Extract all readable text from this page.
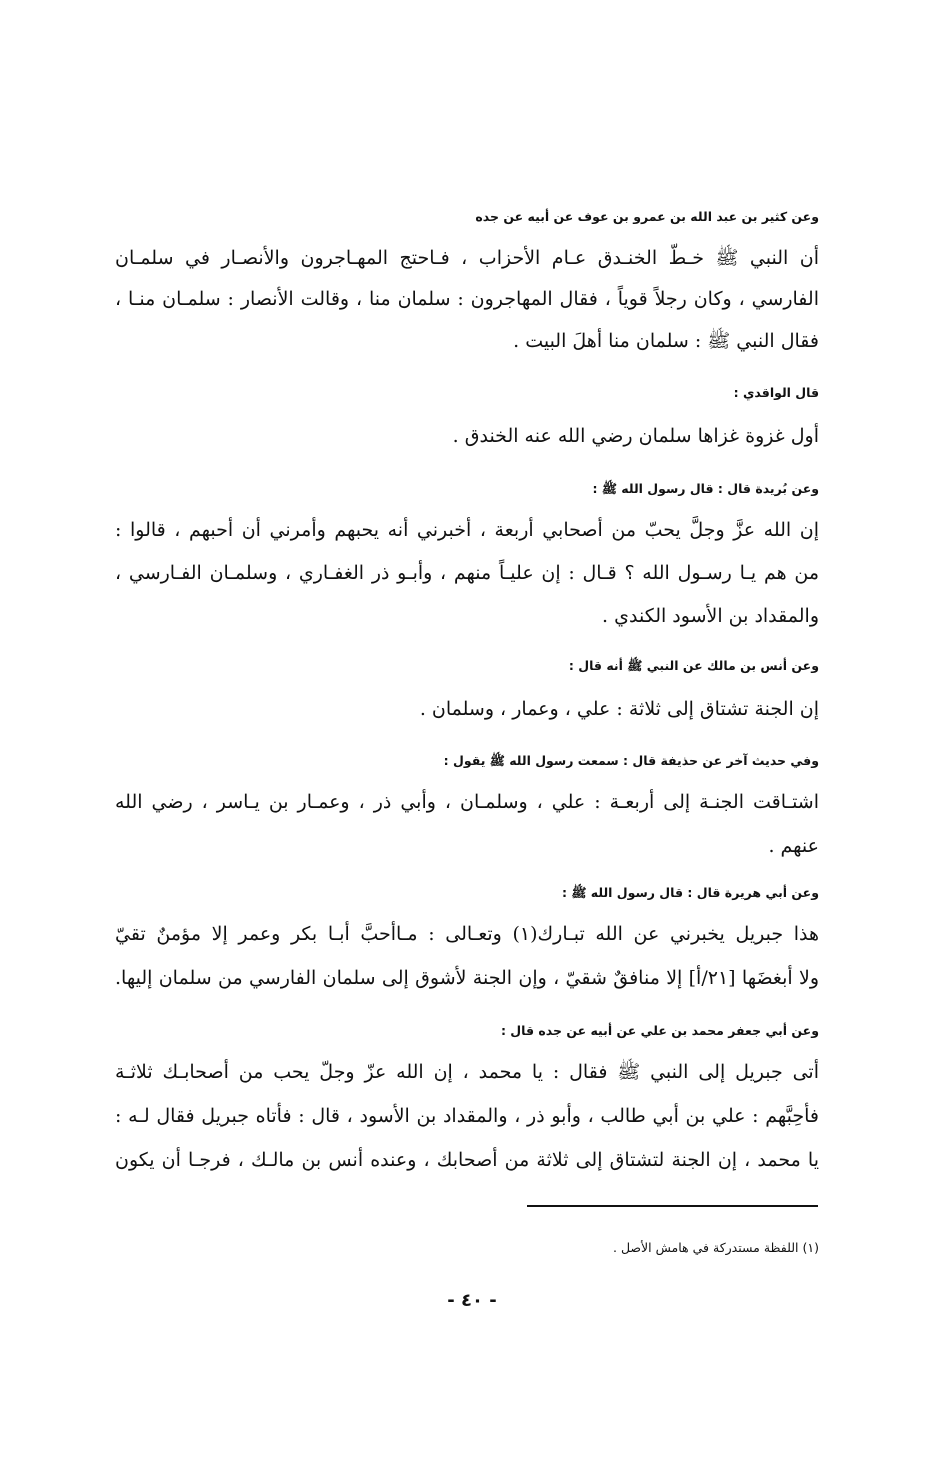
وعن كثير بن عبد الله بن عمرو بن عوف عن أبيه عن جده
أن النبي ﷺ خـطّ الخنـدق عـام الأحزاب ، فـاحتج المهـاجرون والأنصـار في سلمـان
الفارسي ، وكان رجلاً قوياً ، فقال المهاجرون : سلمان منا ، وقالت الأنصار : سلمـان منـا ،
فقال النبي ﷺ : سلمان منا أهلَ البيت .
قال الواقدي :
أول غزوة غزاها سلمان رضي الله عنه الخندق .
وعن بُريدة قال : قال رسول الله ﷺ :
إن الله عزَّ وجلَّ يحبّ من أصحابي أربعة ، أخبرني أنه يحبهم وأمرني أن أحبهم ، قالوا :
من هم يـا رسـول الله ؟ قـال : إن عليـاً منهم ، وأبـو ذر الغفـاري ، وسلمـان الفـارسي ،
والمقداد بن الأسود الكندي .
وعن أنس بن مالك عن النبي ﷺ أنه قال :
إن الجنة تشتاق إلى ثلاثة : علي ، وعمار ، وسلمان .
وفي حديث آخر عن حذيفة قال : سمعت رسول الله ﷺ يقول :
اشتـاقت الجنـة إلى أربعـة : علي ، وسلمـان ، وأبي ذر ، وعمـار بن يـاسر ، رضي الله
عنهم .
وعن أبي هريرة قال : قال رسول الله ﷺ :
هذا جبريل يخبرني عن الله تبـارك(١) وتعـالى : مـاأحبَّ أبـا بكر وعمر إلا مؤمنٌ تقيّ
ولا أبغضَها [٢١/أ] إلا منافقٌ شقيّ ، وإن الجنة لأشوق إلى سلمان الفارسي من سلمان إليها.
وعن أبي جعفر محمد بن علي عن أبيه عن جده قال :
أتى جبريل إلى النبي ﷺ فقال : يا محمد ، إن الله عزّ وجلّ يحب من أصحابـك ثلاثـة
فأحِبَّهم : علي بن أبي طالب ، وأبو ذر ، والمقداد بن الأسود ، قال : فأتاه جبريل فقال لـه :
يا محمد ، إن الجنة لتشتاق إلى ثلاثة من أصحابك ، وعنده أنس بن مالـك ، فرجـا أن يكون
(١) اللفظة مستدركة في هامش الأصل .
- ٤٠ -
